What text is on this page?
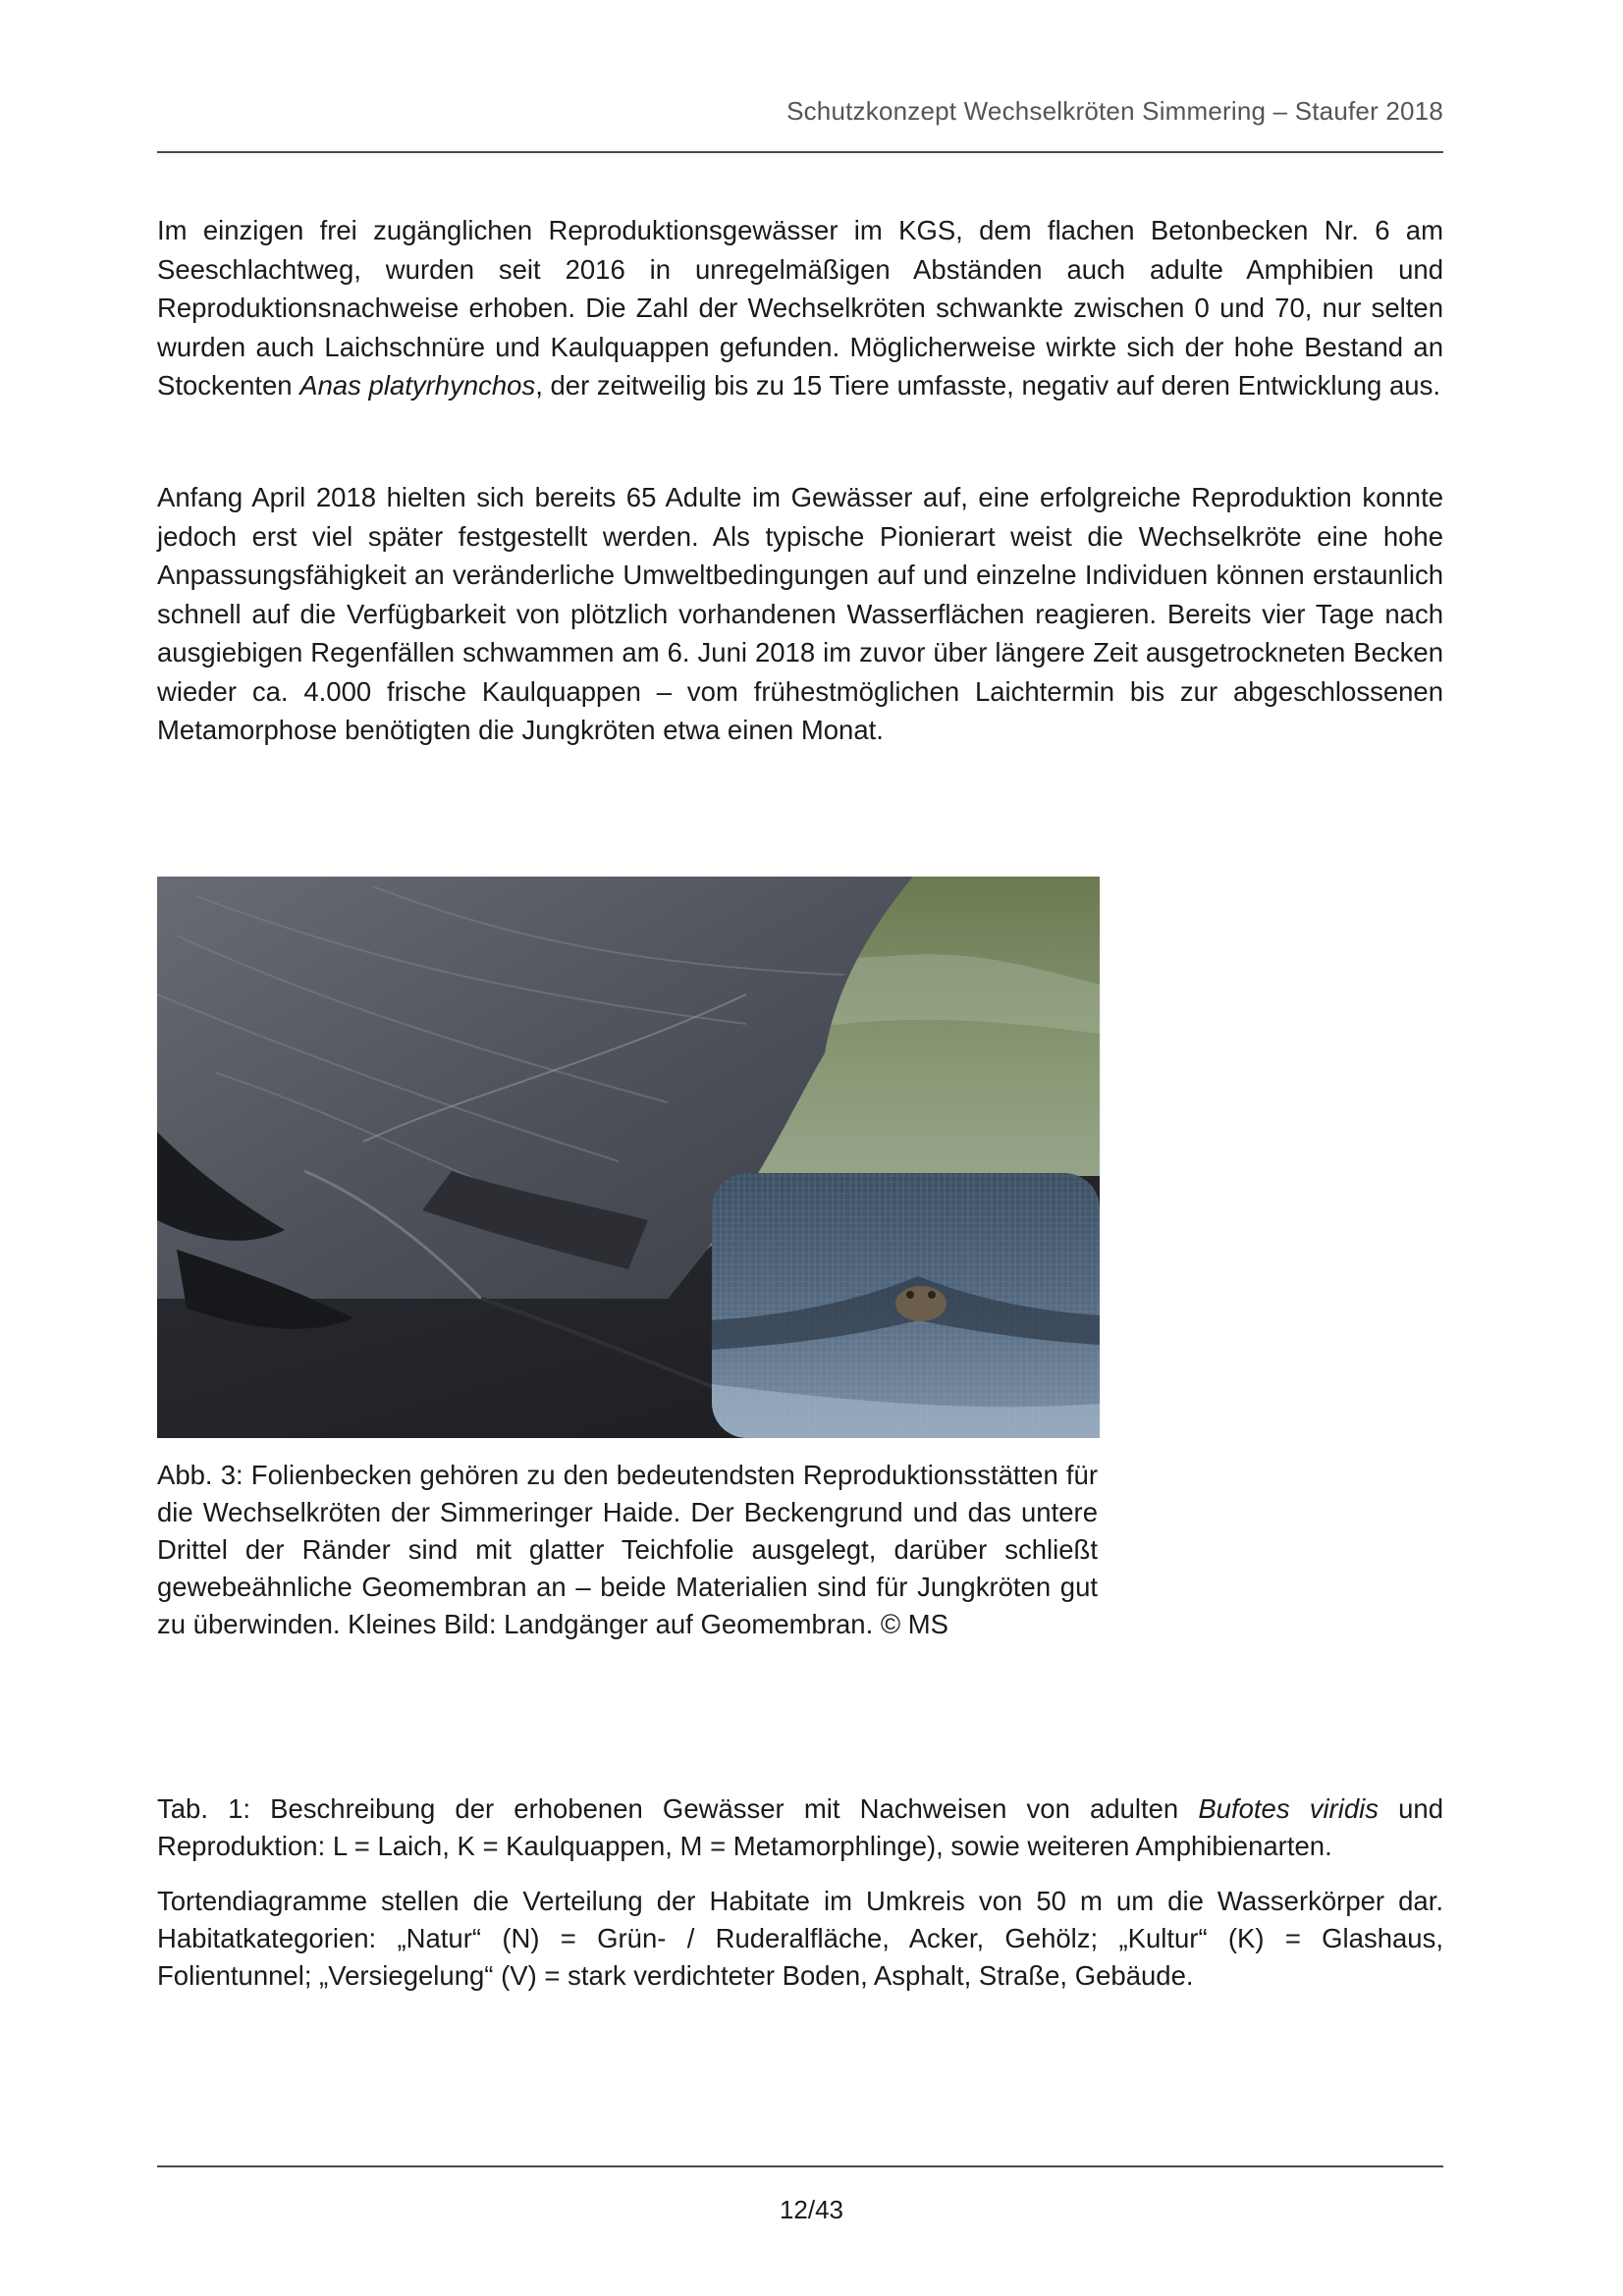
Schutzkonzept Wechselkröten Simmering – Staufer 2018

Im einzigen frei zugänglichen Reproduktionsgewässer im KGS, dem flachen Betonbecken Nr. 6 am Seeschlachtweg, wurden seit 2016 in unregelmäßigen Abständen auch adulte Amphibien und Reproduktionsnachweise erhoben. Die Zahl der Wechselkröten schwankte zwischen 0 und 70, nur selten wurden auch Laichschnüre und Kaulquappen gefunden. Möglicherweise wirkte sich der hohe Bestand an Stockenten Anas platyrhynchos, der zeitweilig bis zu 15 Tiere umfasste, negativ auf deren Entwicklung aus.

Anfang April 2018 hielten sich bereits 65 Adulte im Gewässer auf, eine erfolgreiche Reproduktion konnte jedoch erst viel später festgestellt werden. Als typische Pionierart weist die Wechselkröte eine hohe Anpassungsfähigkeit an veränderliche Umweltbedingungen auf und einzelne Individuen können erstaunlich schnell auf die Verfügbarkeit von plötzlich vorhandenen Wasserflächen reagieren. Bereits vier Tage nach ausgiebigen Regenfällen schwammen am 6. Juni 2018 im zuvor über längere Zeit ausgetrockneten Becken wieder ca. 4.000 frische Kaulquappen – vom frühestmöglichen Laichtermin bis zur abgeschlossenen Metamorphose benötigten die Jungkröten etwa einen Monat.

Abb. 3: Folienbecken gehören zu den bedeutendsten Reproduktionsstätten für die Wechselkröten der Simmeringer Haide. Der Beckengrund und das untere Drittel der Ränder sind mit glatter Teichfolie ausgelegt, darüber schließt gewebeähnliche Geomembran an – beide Materialien sind für Jungkröten gut zu überwinden. Kleines Bild: Landgänger auf Geomembran. © MS

Tab. 1: Beschreibung der erhobenen Gewässer mit Nachweisen von adulten Bufotes viridis und Reproduktion: L = Laich, K = Kaulquappen, M = Metamorphlinge), sowie weiteren Amphibienarten.

Tortendiagramme stellen die Verteilung der Habitate im Umkreis von 50 m um die Wasserkörper dar. Habitatkategorien: „Natur“ (N) = Grün- / Ruderalfläche, Acker, Gehölz; „Kultur“ (K) = Glashaus, Folientunnel; „Versiegelung“ (V) = stark verdichteter Boden, Asphalt, Straße, Gebäude.

12/43
